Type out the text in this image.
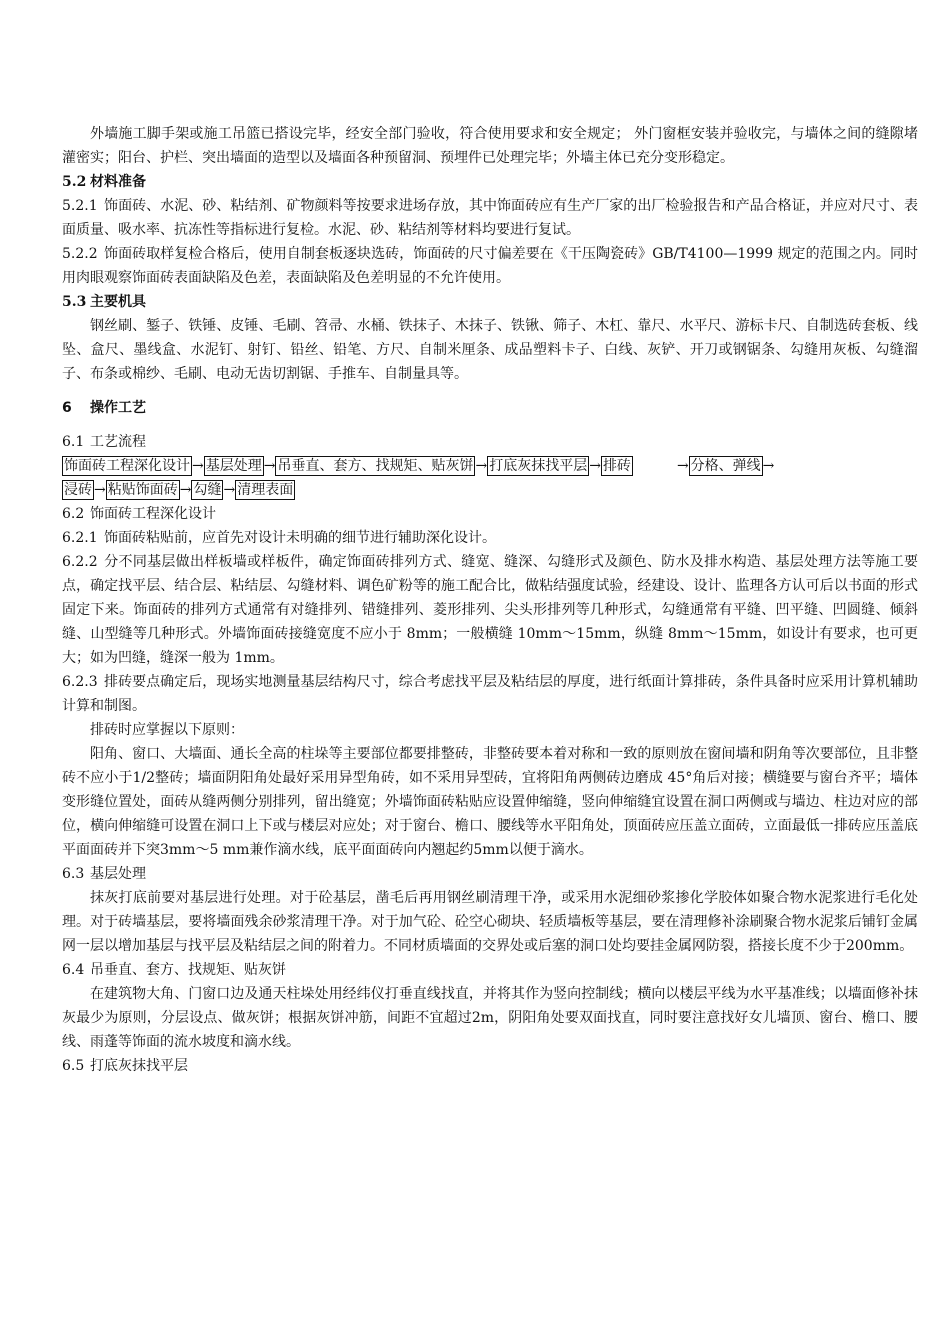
外墙施工脚手架或施工吊篮已搭设完毕，经安全部门验收，符合使用要求和安全规定； 外门窗框安装并验收完，与墙体之间的缝隙堵灌密实；阳台、护栏、突出墙面的造型以及墙面各种预留洞、预埋件已处理完毕；外墙主体已充分变形稳定。

5.2 材料准备

5.2.1 饰面砖、水泥、砂、粘结剂、矿物颜料等按要求进场存放，其中饰面砖应有生产厂家的出厂检验报告和产品合格证，并应对尺寸、表面质量、吸水率、抗冻性等指标进行复检。水泥、砂、粘结剂等材料均要进行复试。

5.2.2 饰面砖取样复检合格后，使用自制套板逐块选砖，饰面砖的尺寸偏差要在《干压陶瓷砖》GB/T4100—1999 规定的范围之内。同时用肉眼观察饰面砖表面缺陷及色差，表面缺陷及色差明显的不允许使用。

5.3 主要机具

钢丝刷、錾子、铁锤、皮锤、毛刷、笤帚、水桶、铁抹子、木抹子、铁锹、筛子、木杠、靠尺、水平尺、游标卡尺、自制选砖套板、线坠、盒尺、墨线盒、水泥钉、射钉、铅丝、铅笔、方尺、自制米厘条、成品塑料卡子、白线、灰铲、开刀或钢锯条、勾缝用灰板、勾缝溜子、布条或棉纱、毛刷、电动无齿切割锯、手推车、自制量具等。

6 操作工艺
6.1 工艺流程
饰面砖工程深化设计 → 基层处理 → 吊垂直、套方、找规矩、贴灰饼 → 打底灰抹找平层 → 排砖	→ 分格、弹线 →
浸砖 → 粘贴饰面砖 → 勾缝 → 清理表面
6.2 饰面砖工程深化设计

6.2.1 饰面砖粘贴前，应首先对设计未明确的细节进行辅助深化设计。

6.2.2 分不同基层做出样板墙或样板件，确定饰面砖排列方式、缝宽、缝深、勾缝形式及颜色、防水及排水构造、基层处理方法等施工要点，确定找平层、结合层、粘结层、勾缝材料、调色矿粉等的施工配合比，做粘结强度试验，经建设、设计、监理各方认可后以书面的形式固定下来。饰面砖的排列方式通常有对缝排列、错缝排列、菱形排列、尖头形排列等几种形式，勾缝通常有平缝、凹平缝、凹圆缝、倾斜缝、山型缝等几种形式。外墙饰面砖接缝宽度不应小于 8mm；一般横缝 10mm～15mm，纵缝 8mm～15mm，如设计有要求，也可更大；如为凹缝，缝深一般为 1mm。

6.2.3 排砖要点确定后，现场实地测量基层结构尺寸，综合考虑找平层及粘结层的厚度，进行纸面计算排砖，条件具备时应采用计算机辅助计算和制图。

排砖时应掌握以下原则：

阳角、窗口、大墙面、通长全高的柱垛等主要部位都要排整砖，非整砖要本着对称和一致的原则放在窗间墙和阴角等次要部位，且非整砖不应小于1/2整砖；墙面阴阳角处最好采用异型角砖，如不采用异型砖，宜将阳角两侧砖边磨成 45°角后对接；横缝要与窗台齐平；墙体变形缝位置处，面砖从缝两侧分别排列，留出缝宽；外墙饰面砖粘贴应设置伸缩缝，竖向伸缩缝宜设置在洞口两侧或与墙边、柱边对应的部位，横向伸缩缝可设置在洞口上下或与楼层对应处；对于窗台、檐口、腰线等水平阳角处，顶面砖应压盖立面砖，立面最低一排砖应压盖底平面面砖并下突3mm～5 mm兼作滴水线，底平面面砖向内翘起约5mm以便于滴水。

6.3 基层处理

抹灰打底前要对基层进行处理。对于砼基层，凿毛后再用钢丝刷清理干净，或采用水泥细砂浆掺化学胶体如聚合物水泥浆进行毛化处理。对于砖墙基层，要将墙面残余砂浆清理干净。对于加气砼、砼空心砌块、轻质墙板等基层，要在清理修补涂刷聚合物水泥浆后铺钉金属网一层以增加基层与找平层及粘结层之间的附着力。不同材质墙面的交界处或后塞的洞口处均要挂金属网防裂，搭接长度不少于200mm。

6.4 吊垂直、套方、找规矩、贴灰饼

在建筑物大角、门窗口边及通天柱垛处用经纬仪打垂直线找直，并将其作为竖向控制线；横向以楼层平线为水平基准线；以墙面修补抹灰最少为原则，分层设点、做灰饼；根据灰饼冲筋，间距不宜超过2m，阴阳角处要双面找直，同时要注意找好女儿墙顶、窗台、檐口、腰线、雨蓬等饰面的流水坡度和滴水线。

6.5 打底灰抹找平层
